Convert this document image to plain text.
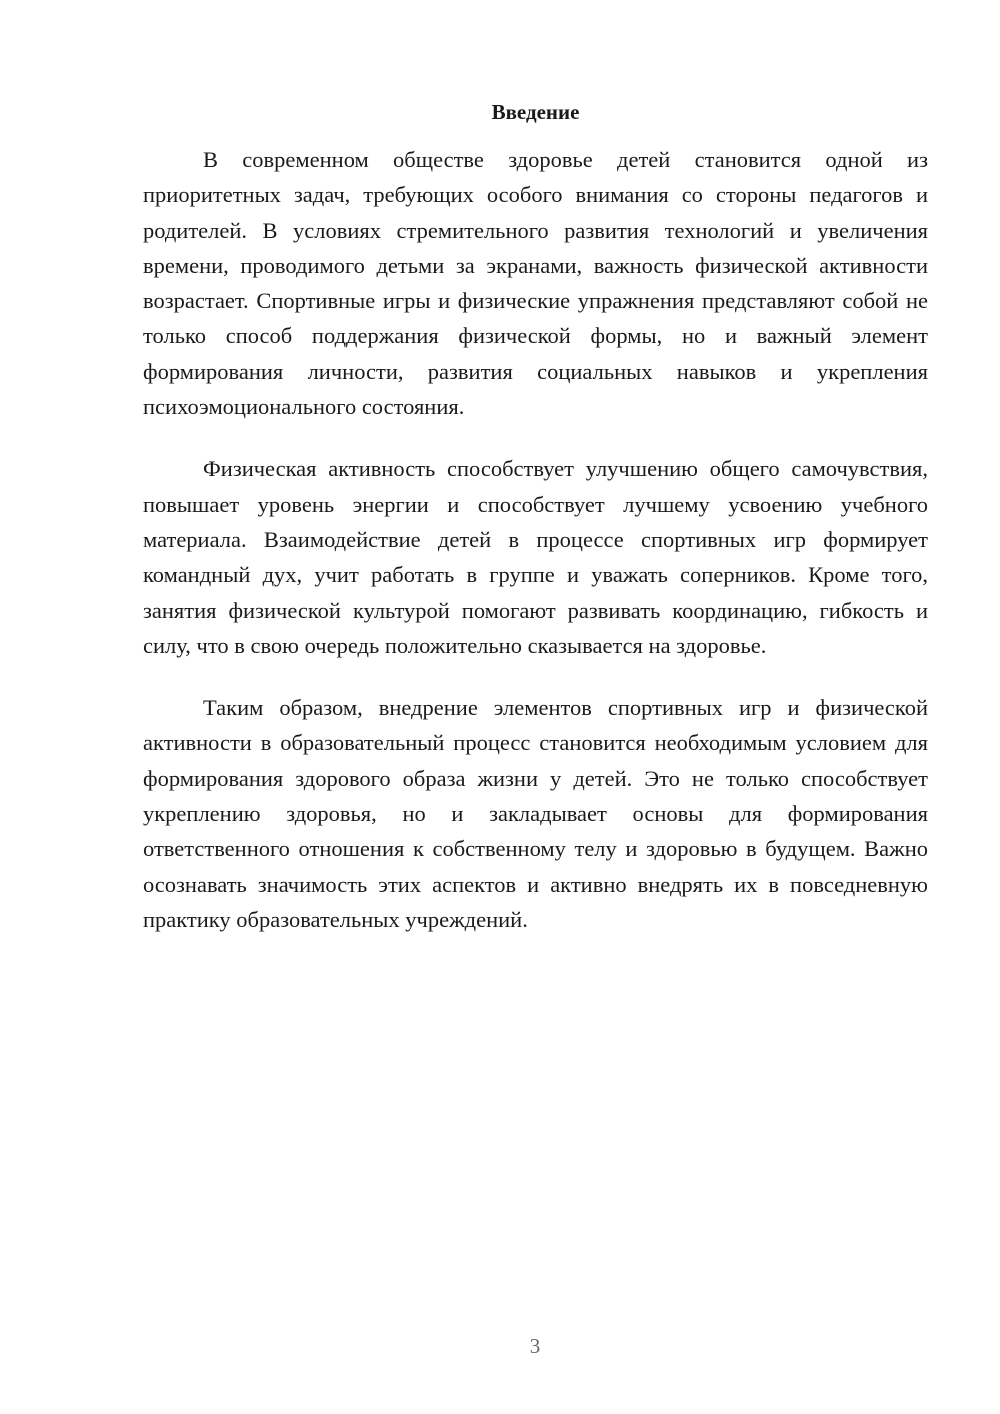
Введение

В современном обществе здоровье детей становится одной из приоритетных задач, требующих особого внимания со стороны педагогов и родителей. В условиях стремительного развития технологий и увеличения времени, проводимого детьми за экранами, важность физической активности возрастает. Спортивные игры и физические упражнения представляют собой не только способ поддержания физической формы, но и важный элемент формирования личности, развития социальных навыков и укрепления психоэмоционального состояния.

Физическая активность способствует улучшению общего самочувствия, повышает уровень энергии и способствует лучшему усвоению учебного материала. Взаимодействие детей в процессе спортивных игр формирует командный дух, учит работать в группе и уважать соперников. Кроме того, занятия физической культурой помогают развивать координацию, гибкость и силу, что в свою очередь положительно сказывается на здоровье.

Таким образом, внедрение элементов спортивных игр и физической активности в образовательный процесс становится необходимым условием для формирования здорового образа жизни у детей. Это не только способствует укреплению здоровья, но и закладывает основы для формирования ответственного отношения к собственному телу и здоровью в будущем. Важно осознавать значимость этих аспектов и активно внедрять их в повседневную практику образовательных учреждений.

3
